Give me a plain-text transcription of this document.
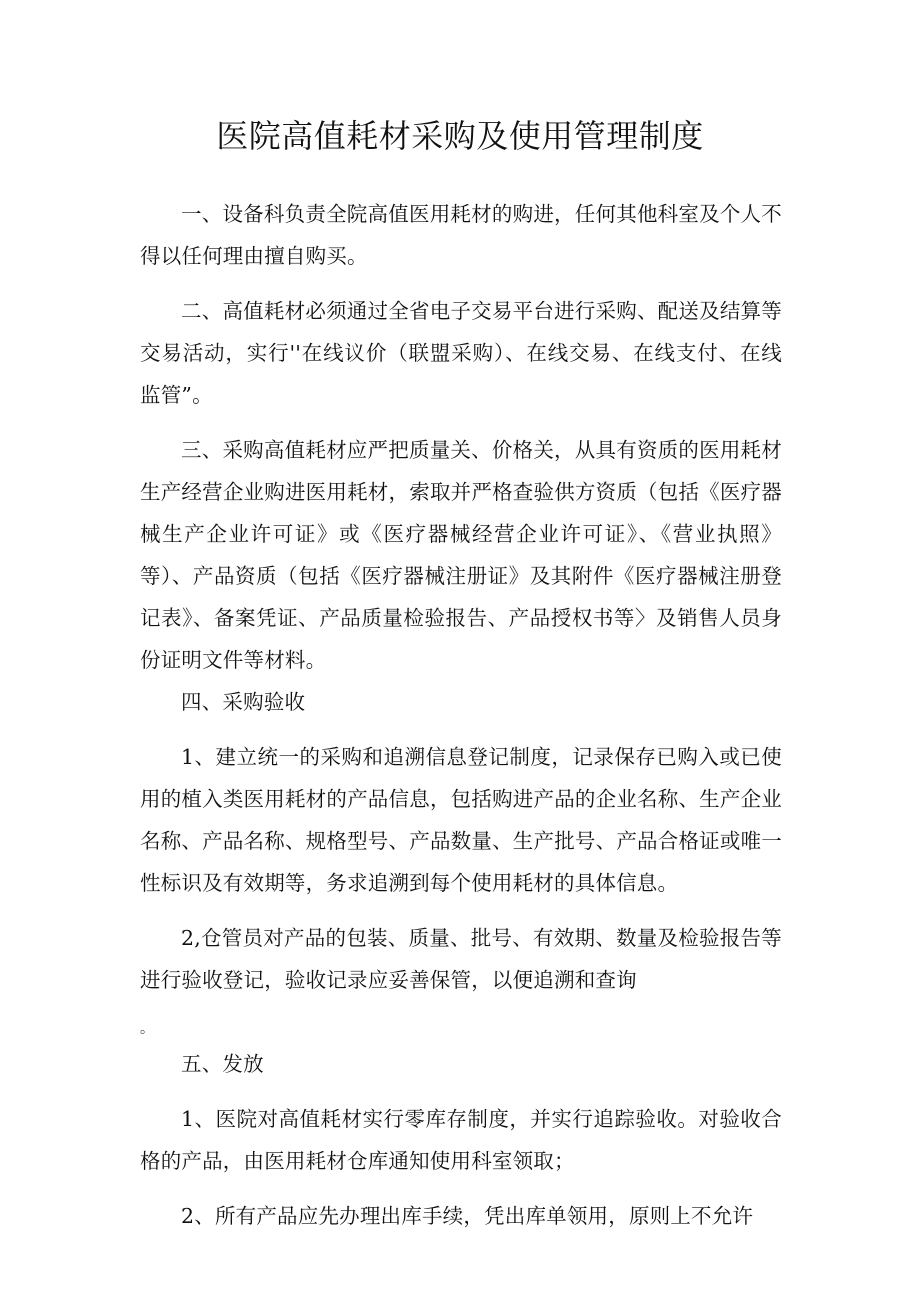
医院高值耗材采购及使用管理制度

一、设备科负责全院高值医用耗材的购进，任何其他科室及个人不得以任何理由擅自购买。

二、高值耗材必须通过全省电子交易平台进行采购、配送及结算等交易活动，实行''在线议价（联盟采购）、在线交易、在线支付、在线监管”。

三、采购高值耗材应严把质量关、价格关，从具有资质的医用耗材生产经营企业购进医用耗材，索取并严格查验供方资质（包括《医疗器械生产企业许可证》或《医疗器械经营企业许可证》、《营业执照》等）、产品资质（包括《医疗器械注册证》及其附件《医疗器械注册登记表》、备案凭证、产品质量检验报告、产品授权书等〉及销售人员身份证明文件等材料。

四、采购验收

1、建立统一的采购和追溯信息登记制度，记录保存已购入或已使用的植入类医用耗材的产品信息，包括购进产品的企业名称、生产企业名称、产品名称、规格型号、产品数量、生产批号、产品合格证或唯一性标识及有效期等，务求追溯到每个使用耗材的具体信息。

2,仓管员对产品的包装、质量、批号、有效期、数量及检验报告等进行验收登记，验收记录应妥善保管，以便追溯和查询

。

五、发放

1、医院对高值耗材实行零库存制度，并实行追踪验收。对验收合格的产品，由医用耗材仓库通知使用科室领取；

2、所有产品应先办理出库手续，凭出库单领用，原则上不允许
